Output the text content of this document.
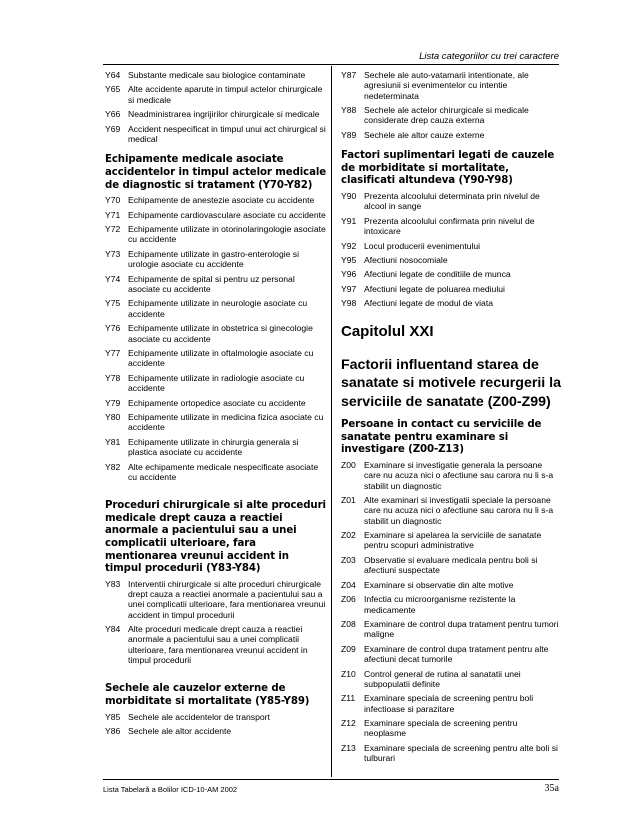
Lista categoriilor cu trei caractere
Y64 Substante medicale sau biologice contaminate
Y65 Alte accidente aparute in timpul actelor chirurgicale si medicale
Y66 Neadministrarea ingrijirilor chirurgicale si medicale
Y69 Accident nespecificat in timpul unui act chirurgical si medical
Echipamente medicale asociate accidentelor in timpul actelor medicale de diagnostic si tratament (Y70-Y82)
Y70 Echipamente de anestezie asociate cu accidente
Y71 Echipamente cardiovasculare asociate cu accidente
Y72 Echipamente utilizate in otorinolaringologie asociate cu accidente
Y73 Echipamente utilizate in gastro-enterologie si urologie asociate cu accidente
Y74 Echipamente de spital si pentru uz personal asociate cu accidente
Y75 Echipamente utilizate in neurologie asociate cu accidente
Y76 Echipamente utilizate in obstetrica si ginecologie asociate cu accidente
Y77 Echipamente utilizate in oftalmologie asociate cu accidente
Y78 Echipamente utilizate in radiologie asociate cu accidente
Y79 Echipamente ortopedice asociate cu accidente
Y80 Echipamente utilizate in medicina fizica asociate cu accidente
Y81 Echipamente utilizate in chirurgia generala si plastica asociate cu accidente
Y82 Alte echipamente medicale nespecificate asociate cu accidente
Proceduri chirurgicale si alte proceduri medicale drept cauza a reactiei anormale a pacientului sau a unei complicatii ulterioare, fara mentionarea vreunui accident in timpul procedurii (Y83-Y84)
Y83 Interventii chirurgicale si alte proceduri chirurgicale drept cauza a reactiei anormale a pacientului sau a unei complicatii ulterioare, fara mentionarea vreunui accident in timpul procedurii
Y84 Alte proceduri medicale drept cauza a reactiei anormale a pacientului sau a unei complicatii ulterioare, fara mentionarea vreunui accident in timpul procedurii
Sechele ale cauzelor externe de morbiditate si mortalitate (Y85-Y89)
Y85 Sechele ale accidentelor de transport
Y86 Sechele ale altor accidente
Y87 Sechele ale auto-vatamarii intentionate, ale agresiunii si evenimentelor cu intentie nedeterminata
Y88 Sechele ale actelor chirurgicale si medicale considerate drep cauza externa
Y89 Sechele ale altor cauze externe
Factori suplimentari legati de cauzele de morbiditate si mortalitate, clasificati altundeva (Y90-Y98)
Y90 Prezenta alcoolului determinata prin nivelul de alcool in sange
Y91 Prezenta alcoolului confirmata prin nivelul de intoxicare
Y92 Locul producerii evenimentului
Y95 Afectiuni nosocomiale
Y96 Afectiuni legate de conditiile de munca
Y97 Afectiuni legate de poluarea mediului
Y98 Afectiuni legate de modul de viata
Capitolul XXI
Factorii influentand starea de sanatate si motivele recurgerii la serviciile de sanatate (Z00-Z99)
Persoane in contact cu serviciile de sanatate pentru examinare si investigare (Z00-Z13)
Z00 Examinare si investigatie generala la persoane care nu acuza nici o afectiune sau carora nu li s-a stabilit un diagnostic
Z01 Alte examinari si investigatii speciale la persoane care nu acuza nici o afectiune sau carora nu li s-a stabilit un diagnostic
Z02 Examinare si apelarea la serviciile de sanatate pentru scopuri administrative
Z03 Observatie si evaluare medicala pentru boli si afectiuni suspectate
Z04 Examinare si observatie din alte motive
Z06 Infectia cu microorganisme rezistente la medicamente
Z08 Examinare de control dupa tratament pentru tumori maligne
Z09 Examinare de control dupa tratament pentru alte afectiuni decat tumorile
Z10 Control general de rutina al sanatatii unei subpopulatii definite
Z11	Examinare speciala de screening pentru boli infectioase si parazitare
Z12 Examinare speciala de screening pentru neoplasme
Z13 Examinare speciala de screening pentru alte boli si tulburari
Lista Tabelară a Bolilor ICD-10-AM 2002	35a
